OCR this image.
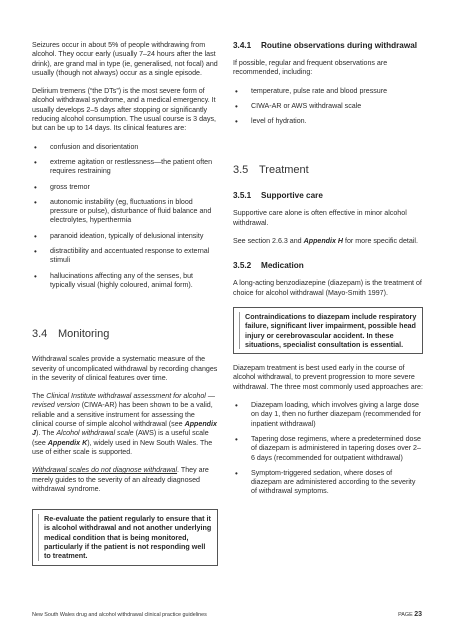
Seizures occur in about 5% of people withdrawing from alcohol. They occur early (usually 7–24 hours after the last drink), are grand mal in type (ie, generalised, not focal) and usually (though not always) occur as a single episode.

Delirium tremens (“the DTs”) is the most severe form of alcohol withdrawal syndrome, and a medical emergency. It usually develops 2–5 days after stopping or significantly reducing alcohol consumption. The usual course is 3 days, but can be up to 14 days. Its clinical features are:

• confusion and disorientation
• extreme agitation or restlessness—the patient often requires restraining
• gross tremor
• autonomic instability (eg, fluctuations in blood pressure or pulse), disturbance of fluid balance and electrolytes, hyperthermia
• paranoid ideation, typically of delusional intensity
• distractibility and accentuated response to external stimuli
• hallucinations affecting any of the senses, but typically visual (highly coloured, animal form).
3.4 Monitoring

Withdrawal scales provide a systematic measure of the severity of uncomplicated withdrawal by recording changes in the severity of clinical features over time.

The Clinical Institute withdrawal assessment for alcohol — revised version (CIWA-AR) has been shown to be a valid, reliable and a sensitive instrument for assessing the clinical course of simple alcohol withdrawal (see Appendix J). The Alcohol withdrawal scale (AWS) is a useful scale (see Appendix K), widely used in New South Wales. The use of either scale is supported.

Withdrawal scales do not diagnose withdrawal. They are merely guides to the severity of an already diagnosed withdrawal syndrome.

Re-evaluate the patient regularly to ensure that it is alcohol withdrawal and not another underlying medical condition that is being monitored, particularly if the patient is not responding well to treatment.
3.4.1	Routine observations during withdrawal

If possible, regular and frequent observations are recommended, including:

• temperature, pulse rate and blood pressure
• CIWA-AR or AWS withdrawal scale
• level of hydration.
3.5 Treatment
3.5.1	Supportive care

Supportive care alone is often effective in minor alcohol withdrawal.

See section 2.6.3 and Appendix H for more specific detail.

3.5.2	Medication

A long-acting benzodiazepine (diazepam) is the treatment of choice for alcohol withdrawal (Mayo-Smith 1997).

Contraindications to diazepam include respiratory failure, significant liver impairment, possible head injury or cerebrovascular accident. In these situations, specialist consultation is essential.

Diazepam treatment is best used early in the course of alcohol withdrawal, to prevent progression to more severe withdrawal. The three most commonly used approaches are:

• Diazepam loading, which involves giving a large dose on day 1, then no further diazepam (recommended for inpatient withdrawal)
• Tapering dose regimens, where a predetermined dose of diazepam is administered in tapering doses over 2–6 days (recommended for outpatient withdrawal)
• Symptom-triggered sedation, where doses of diazepam are administered according to the severity of withdrawal symptoms.
New South Wales drug and alcohol withdrawal clinical practice guidelines	PAGE 23
